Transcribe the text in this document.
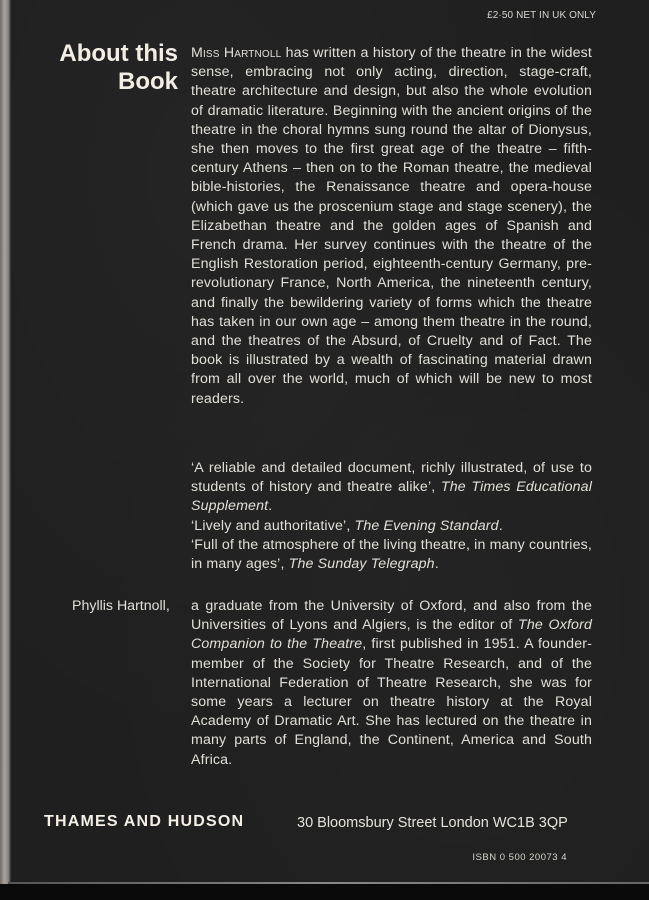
£2·50 NET IN UK ONLY
About this
Book
Miss Hartnoll has written a history of the theatre in the widest sense, embracing not only acting, direction, stage-craft, theatre architecture and design, but also the whole evolution of dramatic literature. Beginning with the ancient origins of the theatre in the choral hymns sung round the altar of Dionysus, she then moves to the first great age of the theatre – fifth-century Athens – then on to the Roman theatre, the medieval bible-histories, the Renaissance theatre and opera-house (which gave us the proscenium stage and stage scenery), the Elizabethan theatre and the golden ages of Spanish and French drama. Her survey continues with the theatre of the English Restoration period, eighteenth-century Germany, pre-revolutionary France, North America, the nineteenth century, and finally the bewildering variety of forms which the theatre has taken in our own age – among them theatre in the round, and the theatres of the Absurd, of Cruelty and of Fact. The book is illustrated by a wealth of fascinating material drawn from all over the world, much of which will be new to most readers.

‘A reliable and detailed document, richly illustrated, of use to students of history and theatre alike’, The Times Educational Supplement.

‘Lively and authoritative’, The Evening Standard.

‘Full of the atmosphere of the living theatre, in many countries, in many ages’, The Sunday Telegraph.

Phyllis Hartnoll, a graduate from the University of Oxford, and also from the Universities of Lyons and Algiers, is the editor of The Oxford Companion to the Theatre, first published in 1951. A founder-member of the Society for Theatre Research, and of the International Federation of Theatre Research, she was for some years a lecturer on theatre history at the Royal Academy of Dramatic Art. She has lectured on the theatre in many parts of England, the Continent, America and South Africa.
THAMES AND HUDSON	30 Bloomsbury Street London WC1B 3QP
ISBN 0 500 20073 4
